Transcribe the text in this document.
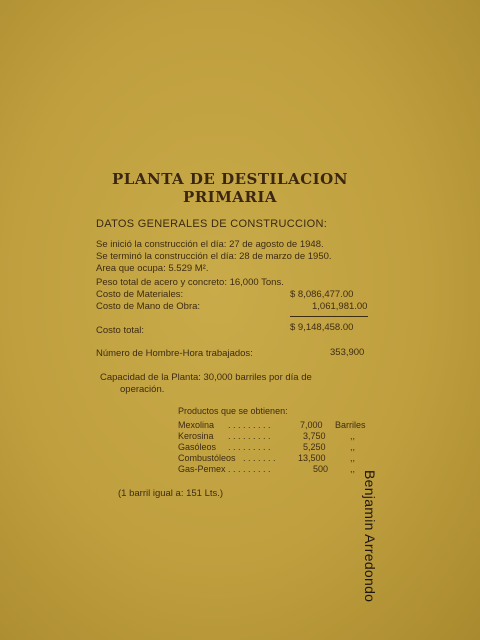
PLANTA DE DESTILACION
PRIMARIA
DATOS GENERALES DE CONSTRUCCION:
Se inició la construcción el día: 27 de agosto de 1948.
Se terminó la construcción el día: 28 de marzo de 1950.
Area que ocupa: 5.529 M².
Peso total de acero y concreto: 16,000 Tons.
Costo de Materiales:	$ 8,086,477.00
Costo de Mano de Obra:	1,061,981.00
Costo total:	$ 9,148,458.00
Número de Hombre-Hora trabajados:	353,900
Capacidad de la Planta: 30,000 barriles por día de
operación.
Productos que se obtienen:
Mexolina . . . . . . . . .	7,000 Barriles
Kerosina . . . . . . . . .	3,750	,,
Gasóleos . . . . . . . . .	5,250	,,
Combustóleos . . . . . . . 13,500	,,
Gas-Pemex . . . . . . . . .	500 ,,
(1 barril igual a: 151 Lts.)	Benjamin Arredondo
